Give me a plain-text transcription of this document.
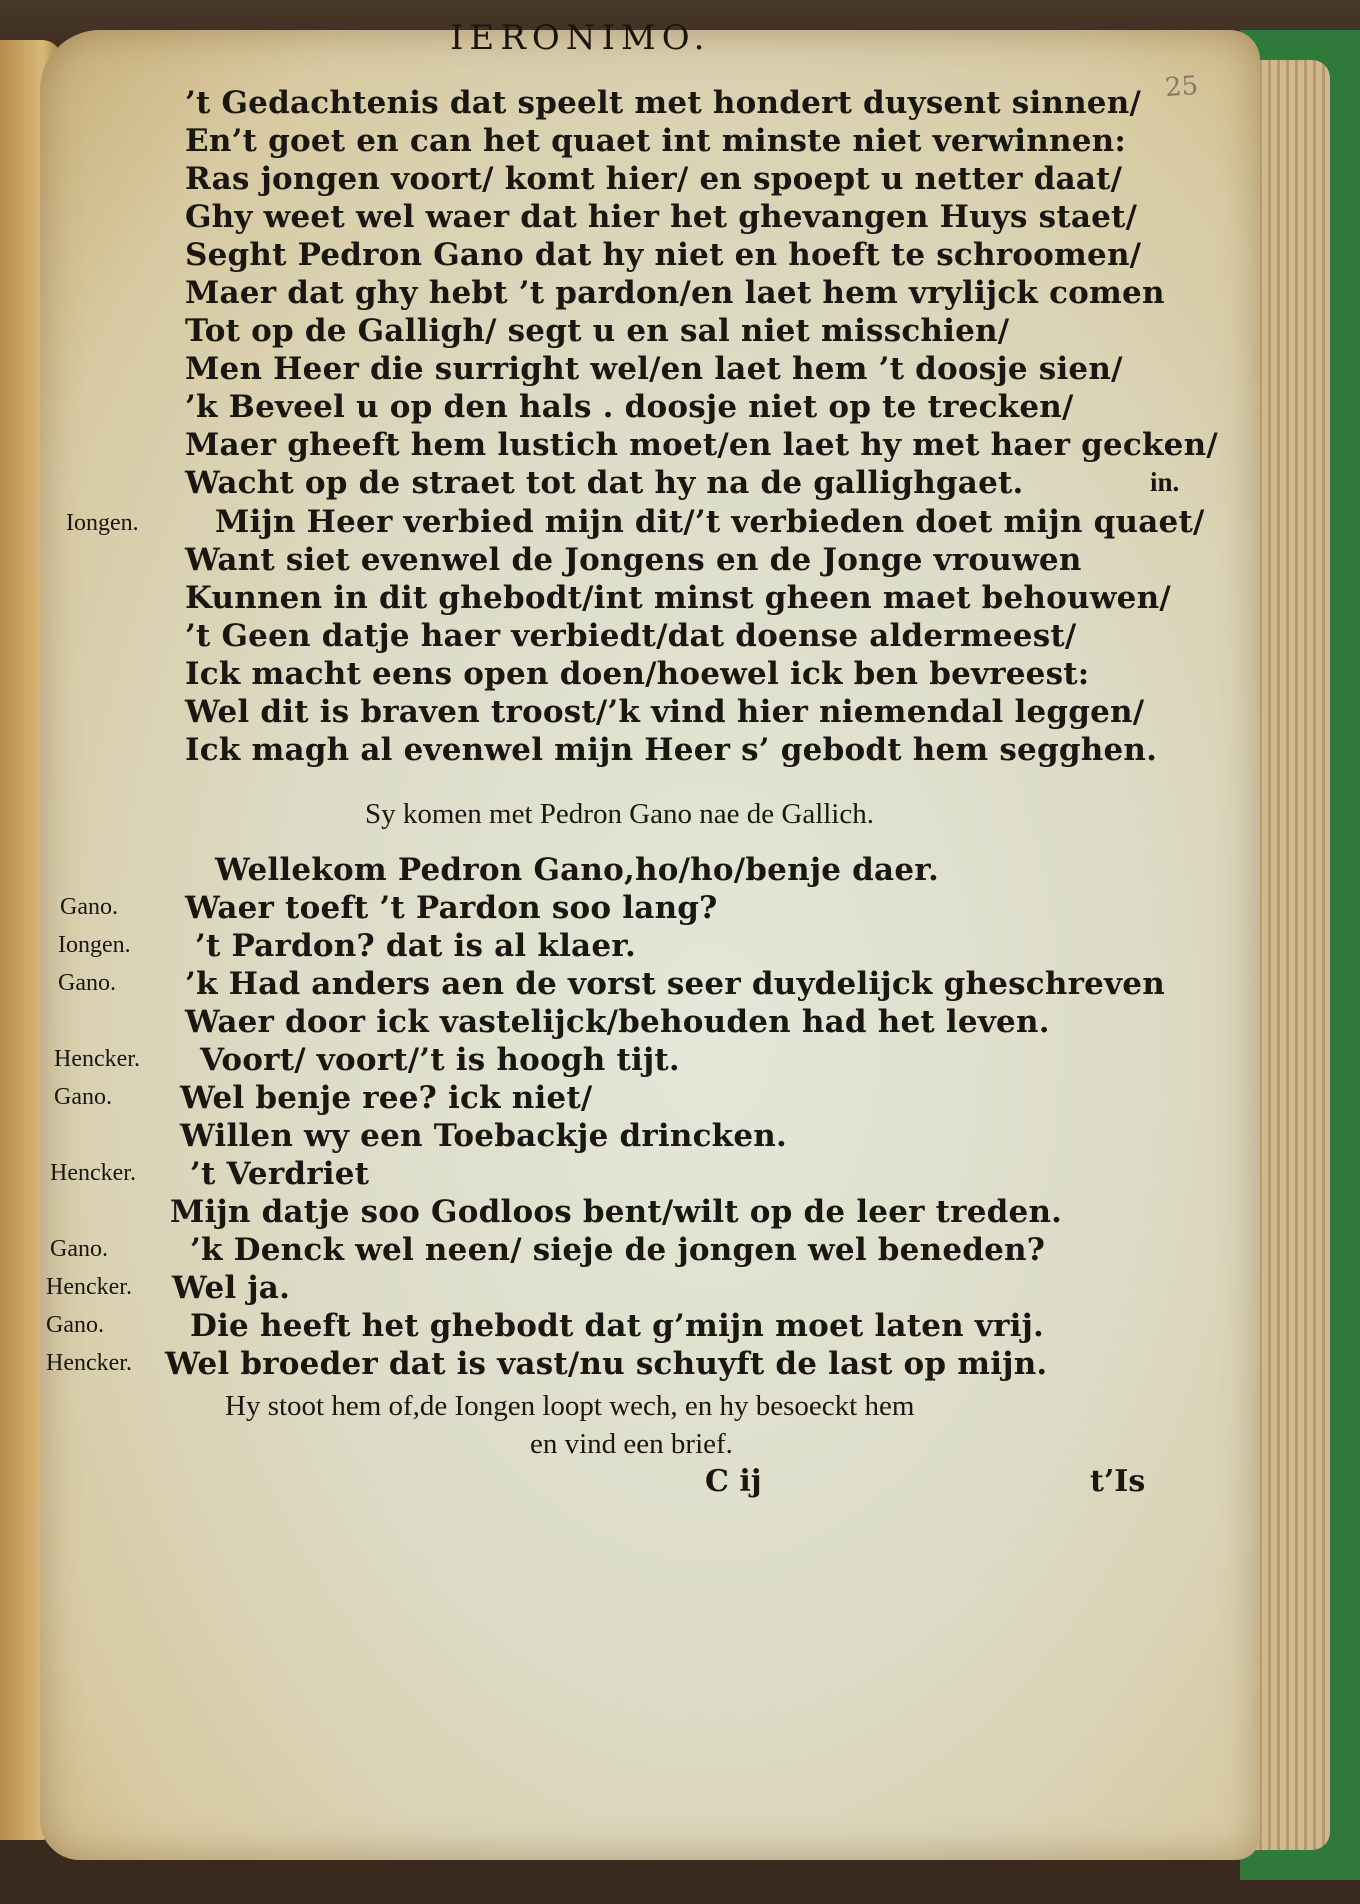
IERONIMO.
25
’t Gedachtenis dat speelt met hondert duysent sinnen/
En’t goet en can het quaet int minste niet verwinnen:
Ras jongen voort/ komt hier/ en spoept u netter daat/
Ghy weet wel waer dat hier het ghevangen Huys staet/
Seght Pedron Gano dat hy niet en hoeft te schroomen/
Maer dat ghy hebt ’t pardon/en laet hem vrylijck comen
Tot op de Galligh/ segt u en sal niet misschien/
Men Heer die surright wel/en laet hem ’t doosje sien/
’k Beveel u op den hals . doosje niet op te trecken/
Maer gheeft hem lustich moet/en laet hy met haer gecken/
Wacht op de straet tot dat hy na de gallighgaet.	in.
Iongen. Mijn Heer verbied mijn dit/’t verbieden doet mijn quaet/
Want siet evenwel de Jongens en de Jonge vrouwen
Kunnen in dit ghebodt/int minst gheen maet behouwen/
’t Geen datje haer verbiedt/dat doense aldermeest/
Ick macht eens open doen/hoewel ick ben bevreest:
Wel dit is braven troost/’k vind hier niemendal leggen/
Ick magh al evenwel mijn Heer s’ gebodt hem segghen.
Sy komen met Pedron Gano nae de Gallich.
Wellekom Pedron Gano,ho/ho/benje daer.
Gano. Waer toeft ’t Pardon soo lang?
Iongen. ’t Pardon? dat is al klaer.
Gano. ’k Had anders aen de vorst seer duydelijck gheschreven
Waer door ick vastelijck/behouden had het leven.
Hencker. Voort/ voort/’t is hoogh tijt.
Gano. Wel benje ree? ick niet/
Willen wy een Toebackje drincken.
Hencker. ’t Verdriet
Mijn datje soo Godloos bent/wilt op de leer treden.
Gano.	’k Denck wel neen/ sieje de jongen wel beneden?
Hencker. Wel ja.
Gano.	Die heeft het ghebodt dat g’mijn moet laten vrij.
Hencker. Wel broeder dat is vast/nu schuyft de last op mijn.
Hy stoot hem of,de Iongen loopt wech, en hy besoeckt hem
en vind een brief.
C ij	t’Is
